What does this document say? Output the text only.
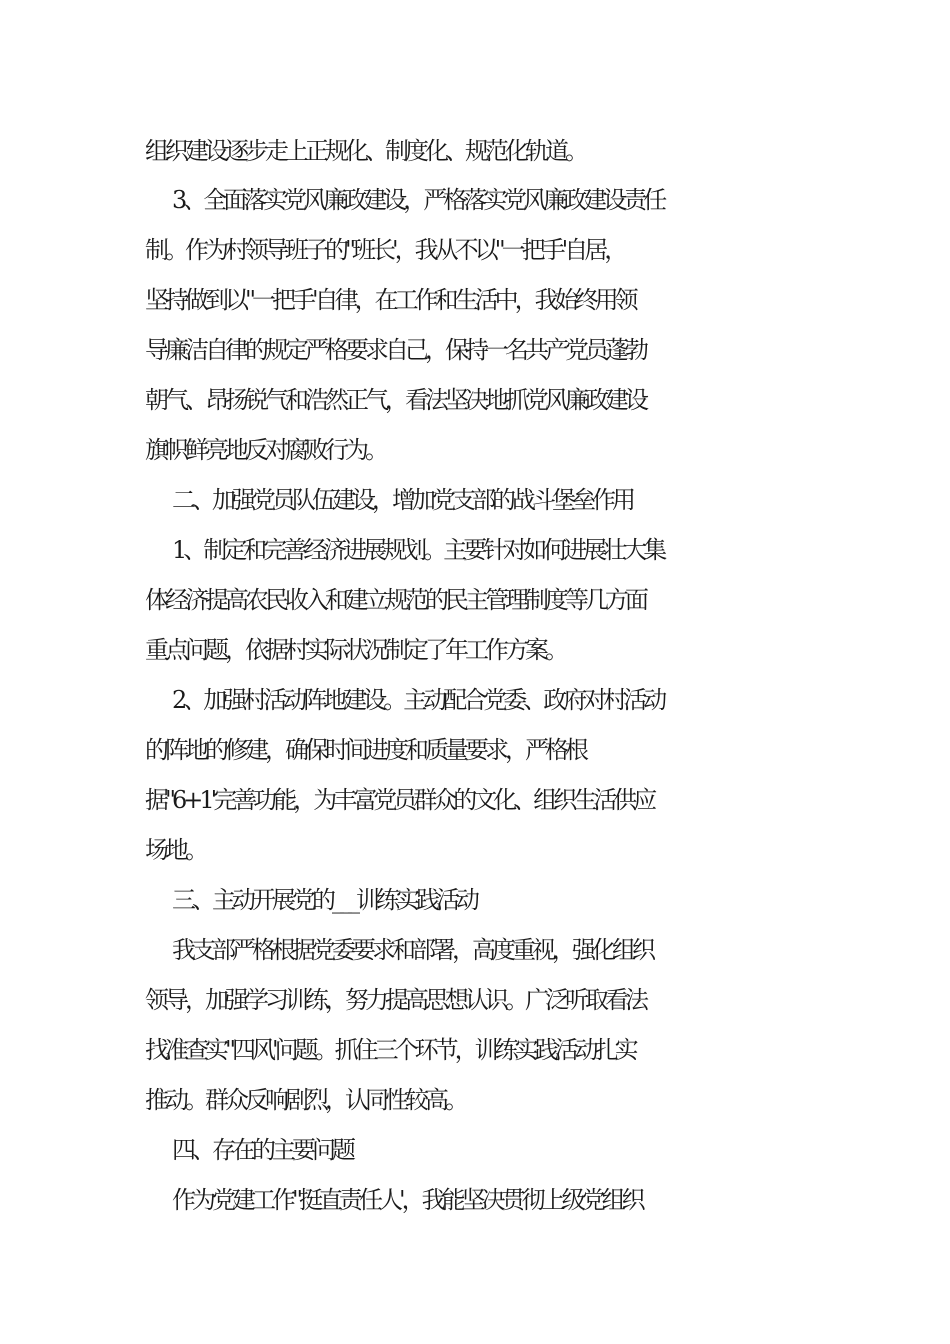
组织建设逐步走上正规化、制度化、规范化轨道。
3、全面落实党风廉政建设，严格落实党风廉政建设责任
制。作为村领导班子的"班长'，我从不以"一把手'自居，
坚持做到以"一把手'自律，在工作和生活中，我始终用领
导廉洁自律的规定严格要求自己，保持一名共产党员蓬勃
朝气、昂扬锐气和浩然正气，看法坚决地抓党风廉政建设
旗帜鲜亮地反对腐败行为。
二、加强党员队伍建设，增加党支部的战斗堡垒作用
1、制定和完善经济进展规划。主要针对如何进展壮大集
体经济提高农民收入和建立规范的民主管理制度等几方面
重点问题，依据村实际状况制定了年工作方案。
2、加强村活动阵地建设。主动配合党委、政府对村活动
的阵地的修建，确保时间进度和质量要求，严格根
据"6+1'完善功能，为丰富党员群众的文化、组织生活供应
场地。
三、主动开展党的___训练实践活动
我支部严格根据党委要求和部署，高度重视，强化组织
领导，加强学习训练，努力提高思想认识。广泛听取看法
找准查实"四风'问题。抓住三个环节，训练实践活动扎实
推动。群众反响剧烈，认同性较高。
四、存在的主要问题
作为党建工作"挺直责任人'，我能坚决贯彻上级党组织
